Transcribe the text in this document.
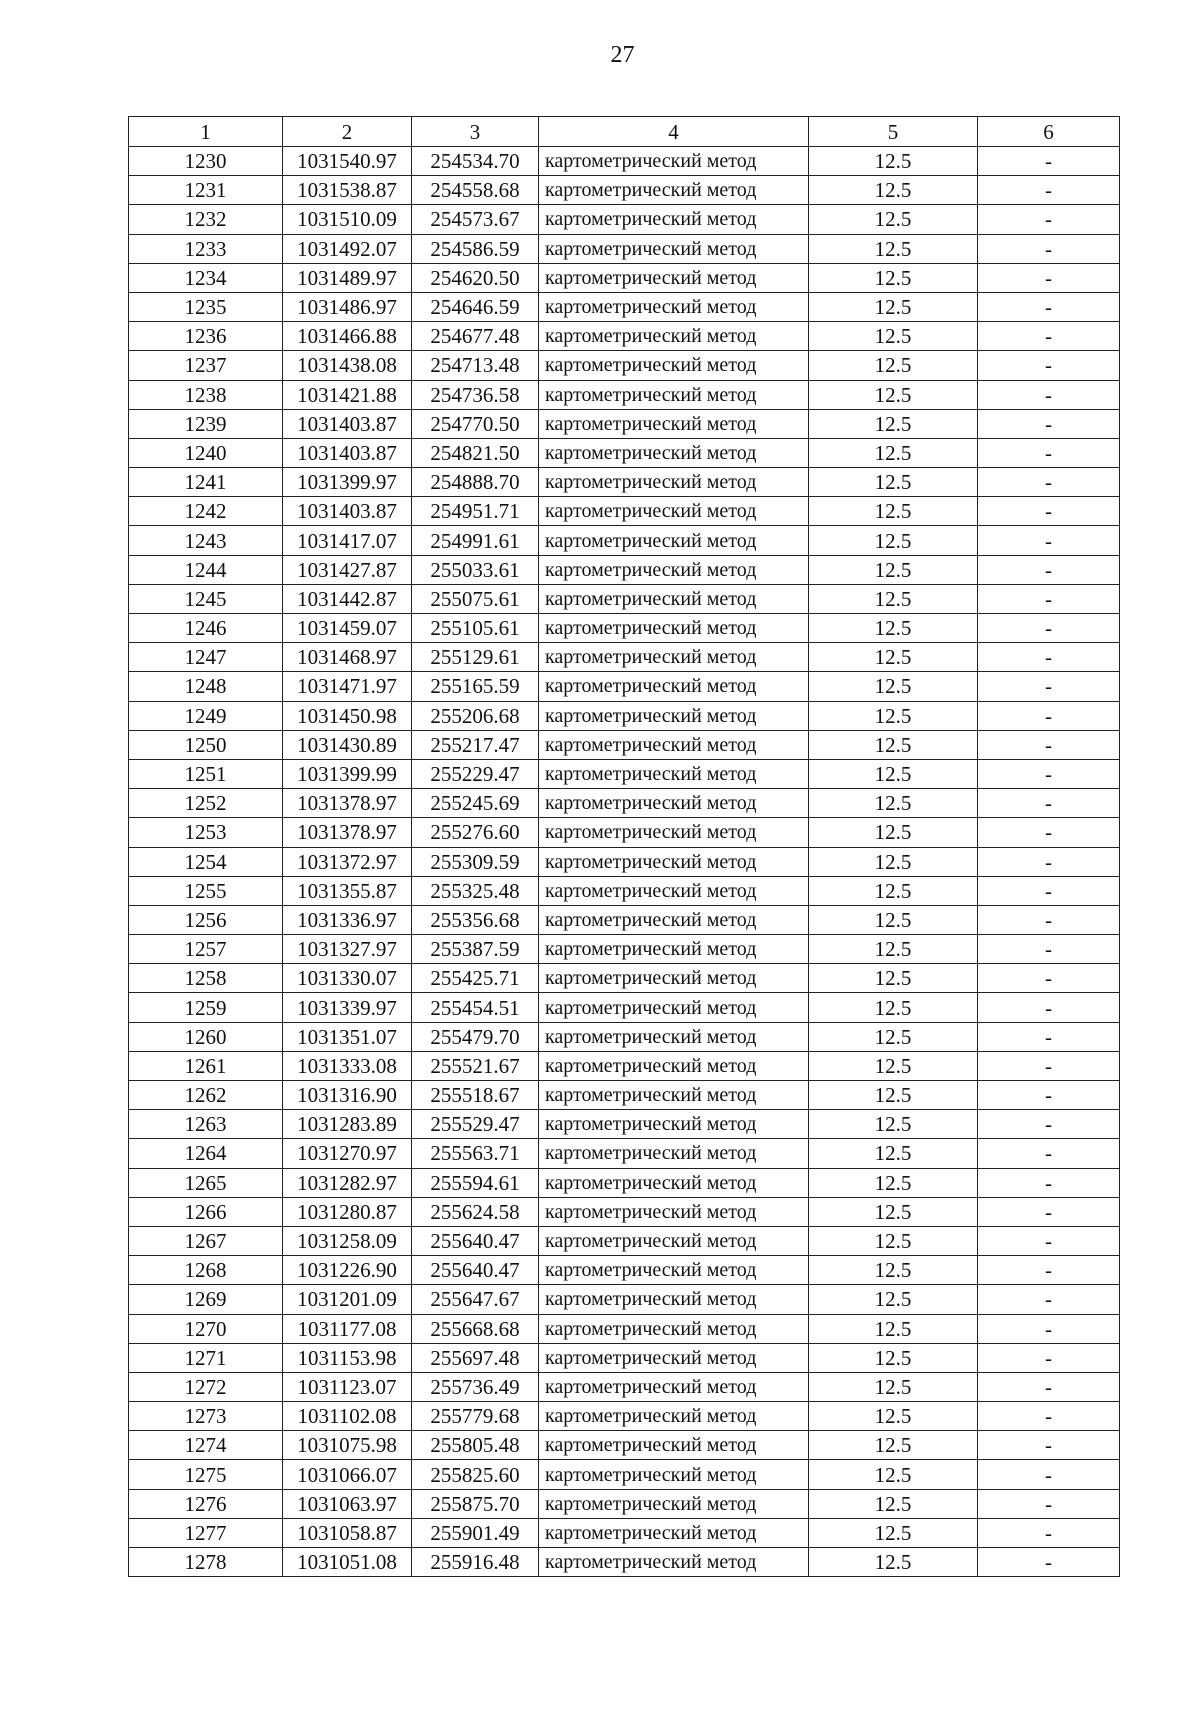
27
1	2	3	4	5	6
1230	1031540.97	254534.70	картометрический метод	12.5	-
1231	1031538.87	254558.68	картометрический метод	12.5	-
1232	1031510.09	254573.67	картометрический метод	12.5	-
1233	1031492.07	254586.59	картометрический метод	12.5	-
1234	1031489.97	254620.50	картометрический метод	12.5	-
1235	1031486.97	254646.59	картометрический метод	12.5	-
1236	1031466.88	254677.48	картометрический метод	12.5	-
1237	1031438.08	254713.48	картометрический метод	12.5	-
1238	1031421.88	254736.58	картометрический метод	12.5	-
1239	1031403.87	254770.50	картометрический метод	12.5	-
1240	1031403.87	254821.50	картометрический метод	12.5	-
1241	1031399.97	254888.70	картометрический метод	12.5	-
1242	1031403.87	254951.71	картометрический метод	12.5	-
1243	1031417.07	254991.61	картометрический метод	12.5	-
1244	1031427.87	255033.61	картометрический метод	12.5	-
1245	1031442.87	255075.61	картометрический метод	12.5	-
1246	1031459.07	255105.61	картометрический метод	12.5	-
1247	1031468.97	255129.61	картометрический метод	12.5	-
1248	1031471.97	255165.59	картометрический метод	12.5	-
1249	1031450.98	255206.68	картометрический метод	12.5	-
1250	1031430.89	255217.47	картометрический метод	12.5	-
1251	1031399.99	255229.47	картометрический метод	12.5	-
1252	1031378.97	255245.69	картометрический метод	12.5	-
1253	1031378.97	255276.60	картометрический метод	12.5	-
1254	1031372.97	255309.59	картометрический метод	12.5	-
1255	1031355.87	255325.48	картометрический метод	12.5	-
1256	1031336.97	255356.68	картометрический метод	12.5	-
1257	1031327.97	255387.59	картометрический метод	12.5	-
1258	1031330.07	255425.71	картометрический метод	12.5	-
1259	1031339.97	255454.51	картометрический метод	12.5	-
1260	1031351.07	255479.70	картометрический метод	12.5	-
1261	1031333.08	255521.67	картометрический метод	12.5	-
1262	1031316.90	255518.67	картометрический метод	12.5	-
1263	1031283.89	255529.47	картометрический метод	12.5	-
1264	1031270.97	255563.71	картометрический метод	12.5	-
1265	1031282.97	255594.61	картометрический метод	12.5	-
1266	1031280.87	255624.58	картометрический метод	12.5	-
1267	1031258.09	255640.47	картометрический метод	12.5	-
1268	1031226.90	255640.47	картометрический метод	12.5	-
1269	1031201.09	255647.67	картометрический метод	12.5	-
1270	1031177.08	255668.68	картометрический метод	12.5	-
1271	1031153.98	255697.48	картометрический метод	12.5	-
1272	1031123.07	255736.49	картометрический метод	12.5	-
1273	1031102.08	255779.68	картометрический метод	12.5	-
1274	1031075.98	255805.48	картометрический метод	12.5	-
1275	1031066.07	255825.60	картометрический метод	12.5	-
1276	1031063.97	255875.70	картометрический метод	12.5	-
1277	1031058.87	255901.49	картометрический метод	12.5	-
1278	1031051.08	255916.48	картометрический метод	12.5	-
